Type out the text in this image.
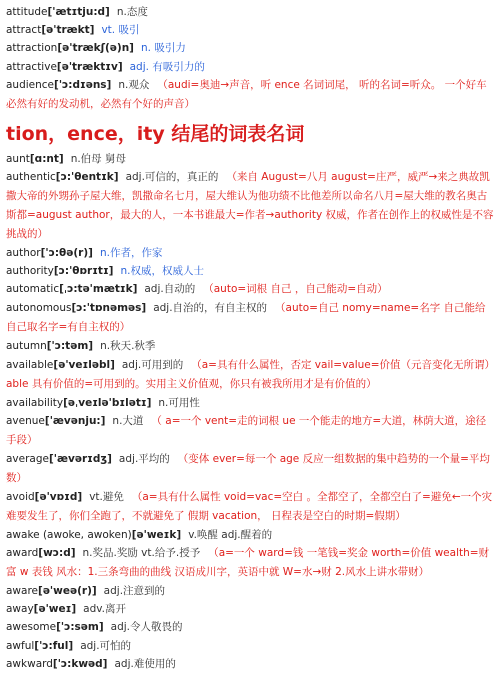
attitude['ætɪtju:d] n.态度
attract[ə'trækt] vt. 吸引
attraction[ə'trækʃ(ə)n] n. 吸引力
attractive[ə'træktɪv] adj. 有吸引力的
audience['ɔ:dɪəns] n.观众 （audi=奥迪→声音，听 ence 名词词尾， 听的名词=听众。 一个好车必然有好的发动机，必然有个好的声音）
tion，ence，ity 结尾的词表名词
aunt[ɑ:nt] n.伯母 舅母
authentic[ɔ:'θentɪk] adj.可信的，真正的 （来自 August=八月 august=庄严，威严→来之典故凯撒大帝的外甥孙子屋大维，凯撒命名七月，屋大维认为他功绩不比他差所以命名八月=屋大维的教名奥古斯都=august author，最大的人，一本书谁最大=作者→authority 权威，作者在创作上的权威性是不容挑战的）
author['ɔ:θə(r)] n.作者，作家
authority[ɔ:'θɒrɪtɪ] n.权威，权威人士
automatic[ˌɔ:tə'mætɪk] adj.自动的 （auto=词根 自己 ，自己能动=自动）
autonomous[ɔ:'tɒnəməs] adj.自治的，有自主权的 （auto=自己 nomy=name=名字 自己能给自己取名字=有自主权的）
autumn['ɔ:təm] n.秋天.秋季
available[ə'veɪləbl] adj.可用到的 （a=具有什么属性，否定 vail=value=价值（元音变化无所谓） able 具有价值的=可用到的。实用主义价值观，你只有被我所用才是有价值的）
availability[əˌveɪlə'bɪlətɪ] n.可用性
avenue['ævənju:] n.大道 （ a=一个 vent=走的词根 ue 一个能走的地方=大道，林荫大道，途径手段）
average['ævərɪdʒ] adj.平均的 （变体 ever=每一个 age 反应一组数据的集中趋势的一个量=平均数）
avoid[ə'vɒɪd] vt.避免 （a=具有什么属性 void=vac=空白 。全都空了，全都空白了=避免←一个灾难要发生了，你们全跑了，不就避免了 假期 vacation， 日程表是空白的时期=假期）
awake (awoke, awoken)[ə'weɪk] v.唤醒 adj.醒着的
award[wɔ:d] n.奖品.奖励 vt.给予.授予 （a=一个 ward=钱 一笔钱=奖金 worth=价值 wealth=财富 w 表钱 风水：1.三条弯曲的曲线 汉语成川字，英语中就 W=水→财 2.风水上讲水带财）
aware[ə'weə(r)] adj.注意到的
away[ə'weɪ] adv.离开
awesome['ɔ:səm] adj.令人敬畏的
awful['ɔ:ful] adj.可怕的
awkward['ɔ:kwəd] adj.难使用的
